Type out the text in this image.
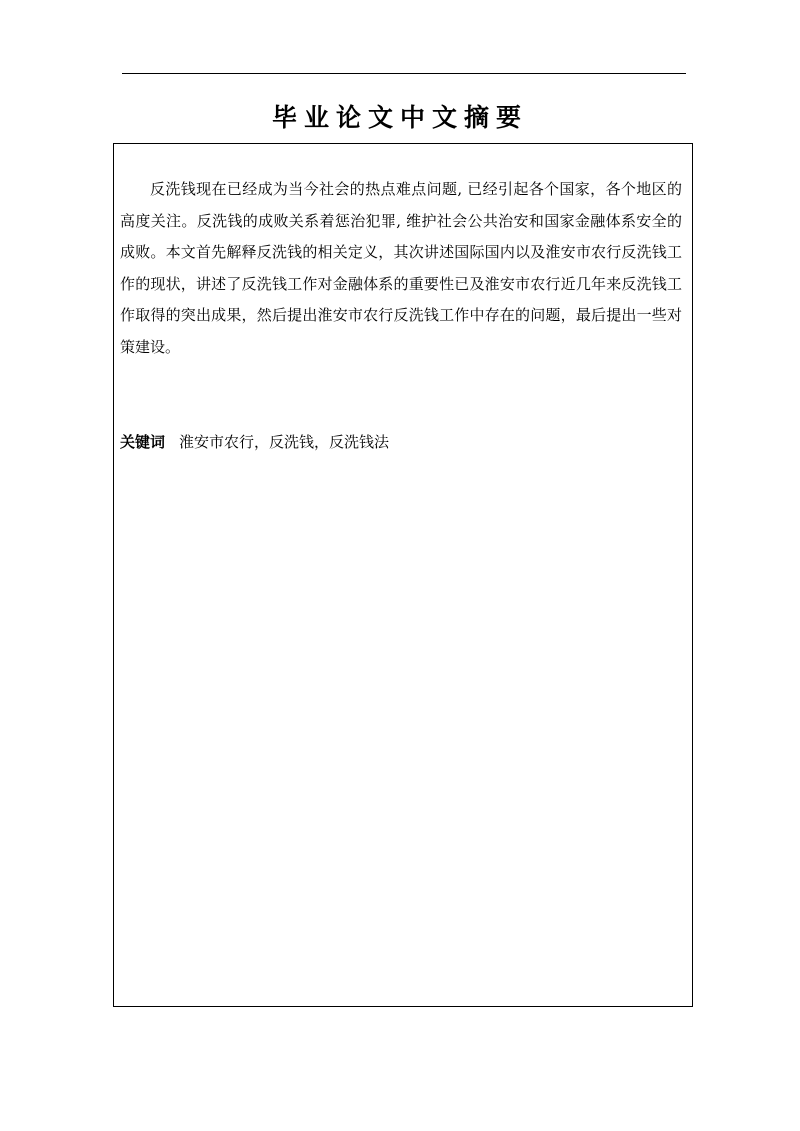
毕业论文中文摘要

反洗钱现在已经成为当今社会的热点难点问题, 已经引起各个国家，各个地区的高度关注。反洗钱的成败关系着惩治犯罪, 维护社会公共治安和国家金融体系安全的成败。本文首先解释反洗钱的相关定义，其次讲述国际国内以及淮安市农行反洗钱工作的现状，讲述了反洗钱工作对金融体系的重要性已及淮安市农行近几年来反洗钱工作取得的突出成果，然后提出淮安市农行反洗钱工作中存在的问题，最后提出一些对策建设。

关键词 淮安市农行，反洗钱，反洗钱法
